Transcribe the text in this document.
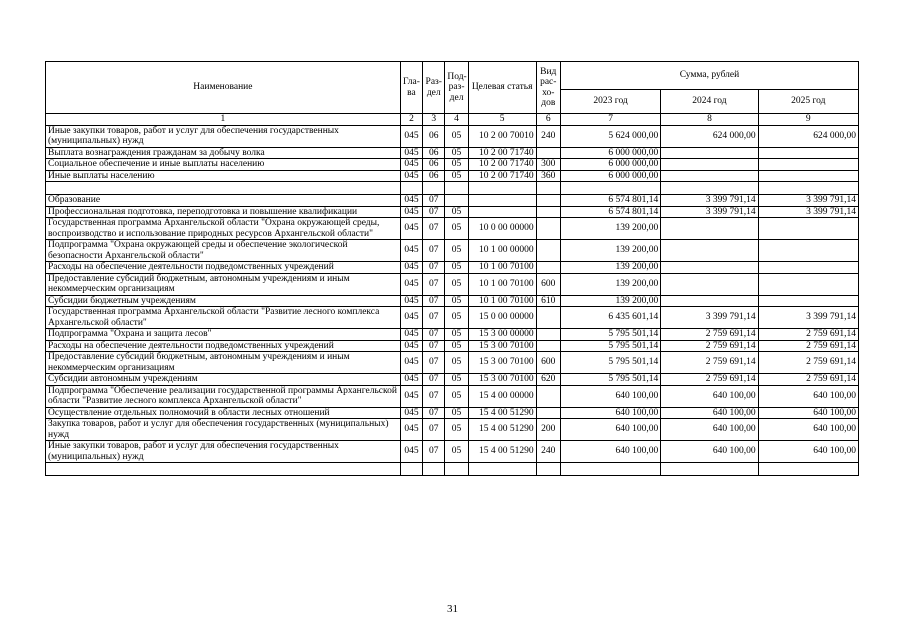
Наименование	Гла-ва	Раз-дел	Под-раз-дел	Целевая статья	Вид рас-хо-дов	Сумма, рублей		
						2023 год	2024 год	2025 год
1	2	3	4	5	6	7	8	9
Иные закупки товаров, работ и услуг для обеспечения государственных (муниципальных) нужд	045	06	05	10 2 00 70010	240	5 624 000,00	624 000,00	624 000,00
Выплата вознаграждения гражданам за добычу волка	045	06	05	10 2 00 71740		6 000 000,00		
Социальное обеспечение и иные выплаты населению	045	06	05	10 2 00 71740	300	6 000 000,00		
Иные выплаты населению	045	06	05	10 2 00 71740	360	6 000 000,00		

Образование	045	07				6 574 801,14	3 399 791,14	3 399 791,14
Профессиональная подготовка, переподготовка и повышение квалификации	045	07	05			6 574 801,14	3 399 791,14	3 399 791,14
Государственная программа Архангельской области "Охрана окружающей среды, воспроизводство и использование природных ресурсов Архангельской области"	045	07	05	10 0 00 00000		139 200,00		
Подпрограмма "Охрана окружающей среды и обеспечение экологической безопасности Архангельской области"	045	07	05	10 1 00 00000		139 200,00		
Расходы на обеспечение деятельности подведомственных учреждений	045	07	05	10 1 00 70100		139 200,00		
Предоставление субсидий бюджетным, автономным учреждениям и иным некоммерческим организациям	045	07	05	10 1 00 70100	600	139 200,00		
Субсидии бюджетным учреждениям	045	07	05	10 1 00 70100	610	139 200,00		
Государственная программа Архангельской области "Развитие лесного комплекса Архангельской области"	045	07	05	15 0 00 00000		6 435 601,14	3 399 791,14	3 399 791,14
Подпрограмма "Охрана и защита лесов"	045	07	05	15 3 00 00000		5 795 501,14	2 759 691,14	2 759 691,14
Расходы на обеспечение деятельности подведомственных учреждений	045	07	05	15 3 00 70100		5 795 501,14	2 759 691,14	2 759 691,14
Предоставление субсидий бюджетным, автономным учреждениям и иным некоммерческим организациям	045	07	05	15 3 00 70100	600	5 795 501,14	2 759 691,14	2 759 691,14
Субсидии автономным учреждениям	045	07	05	15 3 00 70100	620	5 795 501,14	2 759 691,14	2 759 691,14
Подпрограмма "Обеспечение реализации государственной программы Архангельской области "Развитие лесного комплекса Архангельской области"	045	07	05	15 4 00 00000		640 100,00	640 100,00	640 100,00
Осуществление отдельных полномочий в области лесных отношений	045	07	05	15 4 00 51290		640 100,00	640 100,00	640 100,00
Закупка товаров, работ и услуг для обеспечения государственных (муниципальных) нужд	045	07	05	15 4 00 51290	200	640 100,00	640 100,00	640 100,00
Иные закупки товаров, работ и услуг для обеспечения государственных (муниципальных) нужд	045	07	05	15 4 00 51290	240	640 100,00	640 100,00	640 100,00

31
